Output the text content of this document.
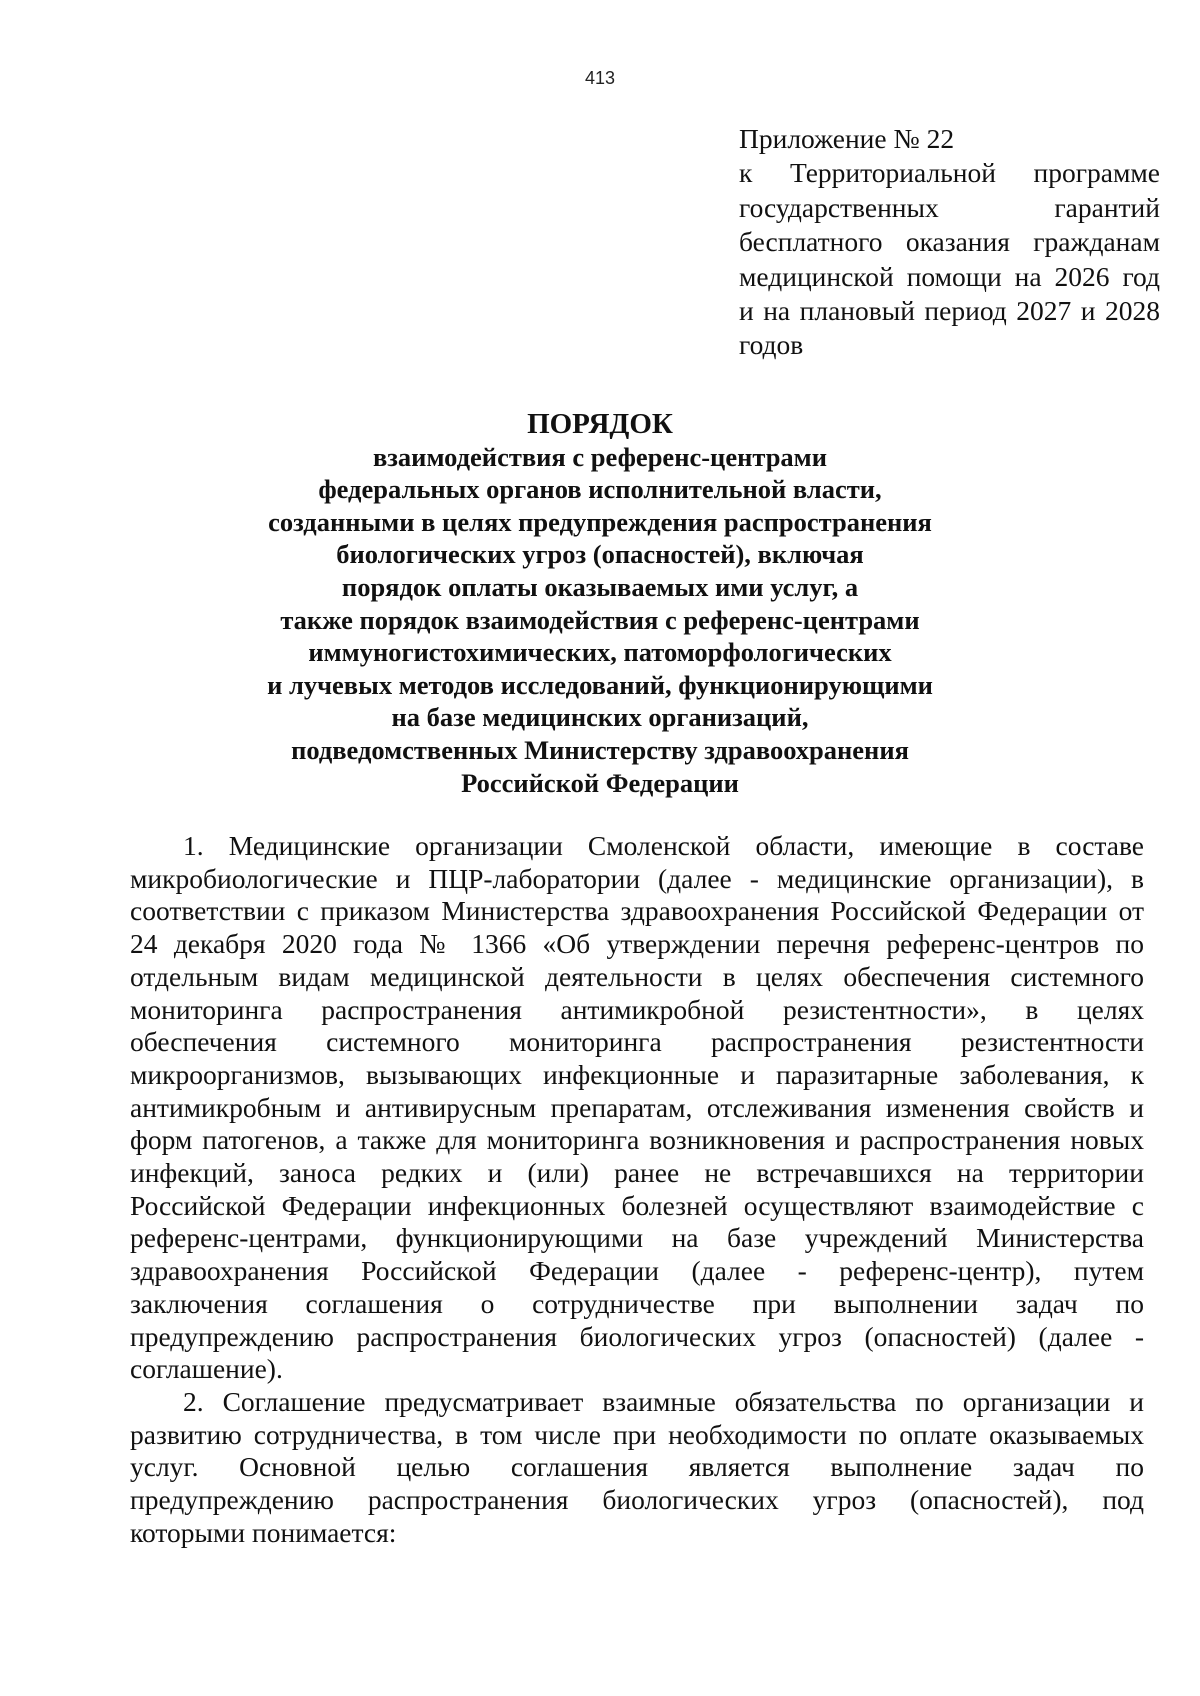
413
Приложение № 22
к Территориальной программе
государственных гарантий
бесплатного оказания гражданам
медицинской помощи на 2026 год
и на плановый период 2027 и 2028
годов
ПОРЯДОК
взаимодействия с референс-центрами
федеральных органов исполнительной власти,
созданными в целях предупреждения распространения
биологических угроз (опасностей), включая
порядок оплаты оказываемых ими услуг, а
также порядок взаимодействия с референс-центрами
иммуногистохимических, патоморфологических
и лучевых методов исследований, функционирующими
на базе медицинских организаций,
подведомственных Министерству здравоохранения
Российской Федерации
1. Медицинские организации Смоленской области, имеющие в составе
микробиологические и ПЦР-лаборатории (далее - медицинские организации), в
соответствии с приказом Министерства здравоохранения Российской Федерации от
24 декабря 2020 года № 1366 «Об утверждении перечня референс-центров по
отдельным видам медицинской деятельности в целях обеспечения системного
мониторинга распространения антимикробной резистентности», в целях
обеспечения системного мониторинга распространения резистентности
микроорганизмов, вызывающих инфекционные и паразитарные заболевания, к
антимикробным и антивирусным препаратам, отслеживания изменения свойств и
форм патогенов, а также для мониторинга возникновения и распространения новых
инфекций, заноса редких и (или) ранее не встречавшихся на территории
Российской Федерации инфекционных болезней осуществляют взаимодействие с
референс-центрами, функционирующими на базе учреждений Министерства
здравоохранения Российской Федерации (далее - референс-центр), путем
заключения соглашения о сотрудничестве при выполнении задач по
предупреждению распространения биологических угроз (опасностей) (далее -
соглашение).
2. Соглашение предусматривает взаимные обязательства по организации и
развитию сотрудничества, в том числе при необходимости по оплате оказываемых
услуг. Основной целью соглашения является выполнение задач по
предупреждению распространения биологических угроз (опасностей), под
которыми понимается:
